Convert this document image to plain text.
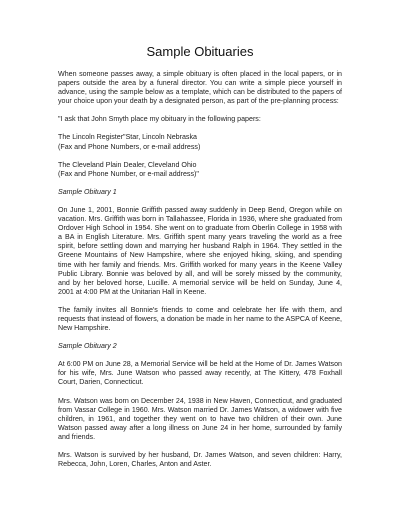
Sample Obituaries

When someone passes away, a simple obituary is often placed in the local papers, or in papers outside the area by a funeral director. You can write a simple piece yourself in advance, using the sample below as a template, which can be distributed to the papers of your choice upon your death by a designated person, as part of the pre-planning process:

"I ask that John Smyth place my obituary in the following papers:

The Lincoln Register"Star, Lincoln Nebraska
(Fax and Phone Numbers, or e-mail address)

The Cleveland Plain Dealer, Cleveland Ohio
(Fax and Phone Number, or e-mail address)"

Sample Obituary 1

On June 1, 2001, Bonnie Griffith passed away suddenly in Deep Bend, Oregon while on vacation. Mrs. Griffith was born in Tallahassee, Florida in 1936, where she graduated from Ordover High School in 1954. She went on to graduate from Oberlin College in 1958 with a BA in English Literature. Mrs. Griffith spent many years traveling the world as a free spirit, before settling down and marrying her husband Ralph in 1964. They settled in the Greene Mountains of New Hampshire, where she enjoyed hiking, skiing, and spending time with her family and friends. Mrs. Griffith worked for many years in the Keene Valley Public Library. Bonnie was beloved by all, and will be sorely missed by the community, and by her beloved horse, Lucille. A memorial service will be held on Sunday, June 4, 2001 at 4:00 PM at the Unitarian Hall in Keene.

The family invites all Bonnie's friends to come and celebrate her life with them, and requests that instead of flowers, a donation be made in her name to the ASPCA of Keene, New Hampshire.

Sample Obituary 2

At 6:00 PM on June 28, a Memorial Service will be held at the Home of Dr. James Watson for his wife, Mrs. June Watson who passed away recently, at The Kittery, 478 Foxhall Court, Darien, Connecticut.

Mrs. Watson was born on December 24, 1938 in New Haven, Connecticut, and graduated from Vassar College in 1960. Mrs. Watson married Dr. James Watson, a widower with five children, in 1961, and together they went on to have two children of their own. June Watson passed away after a long illness on June 24 in her home, surrounded by family and friends.

Mrs. Watson is survived by her husband, Dr. James Watson, and seven children: Harry, Rebecca, John, Loren, Charles, Anton and Aster.
